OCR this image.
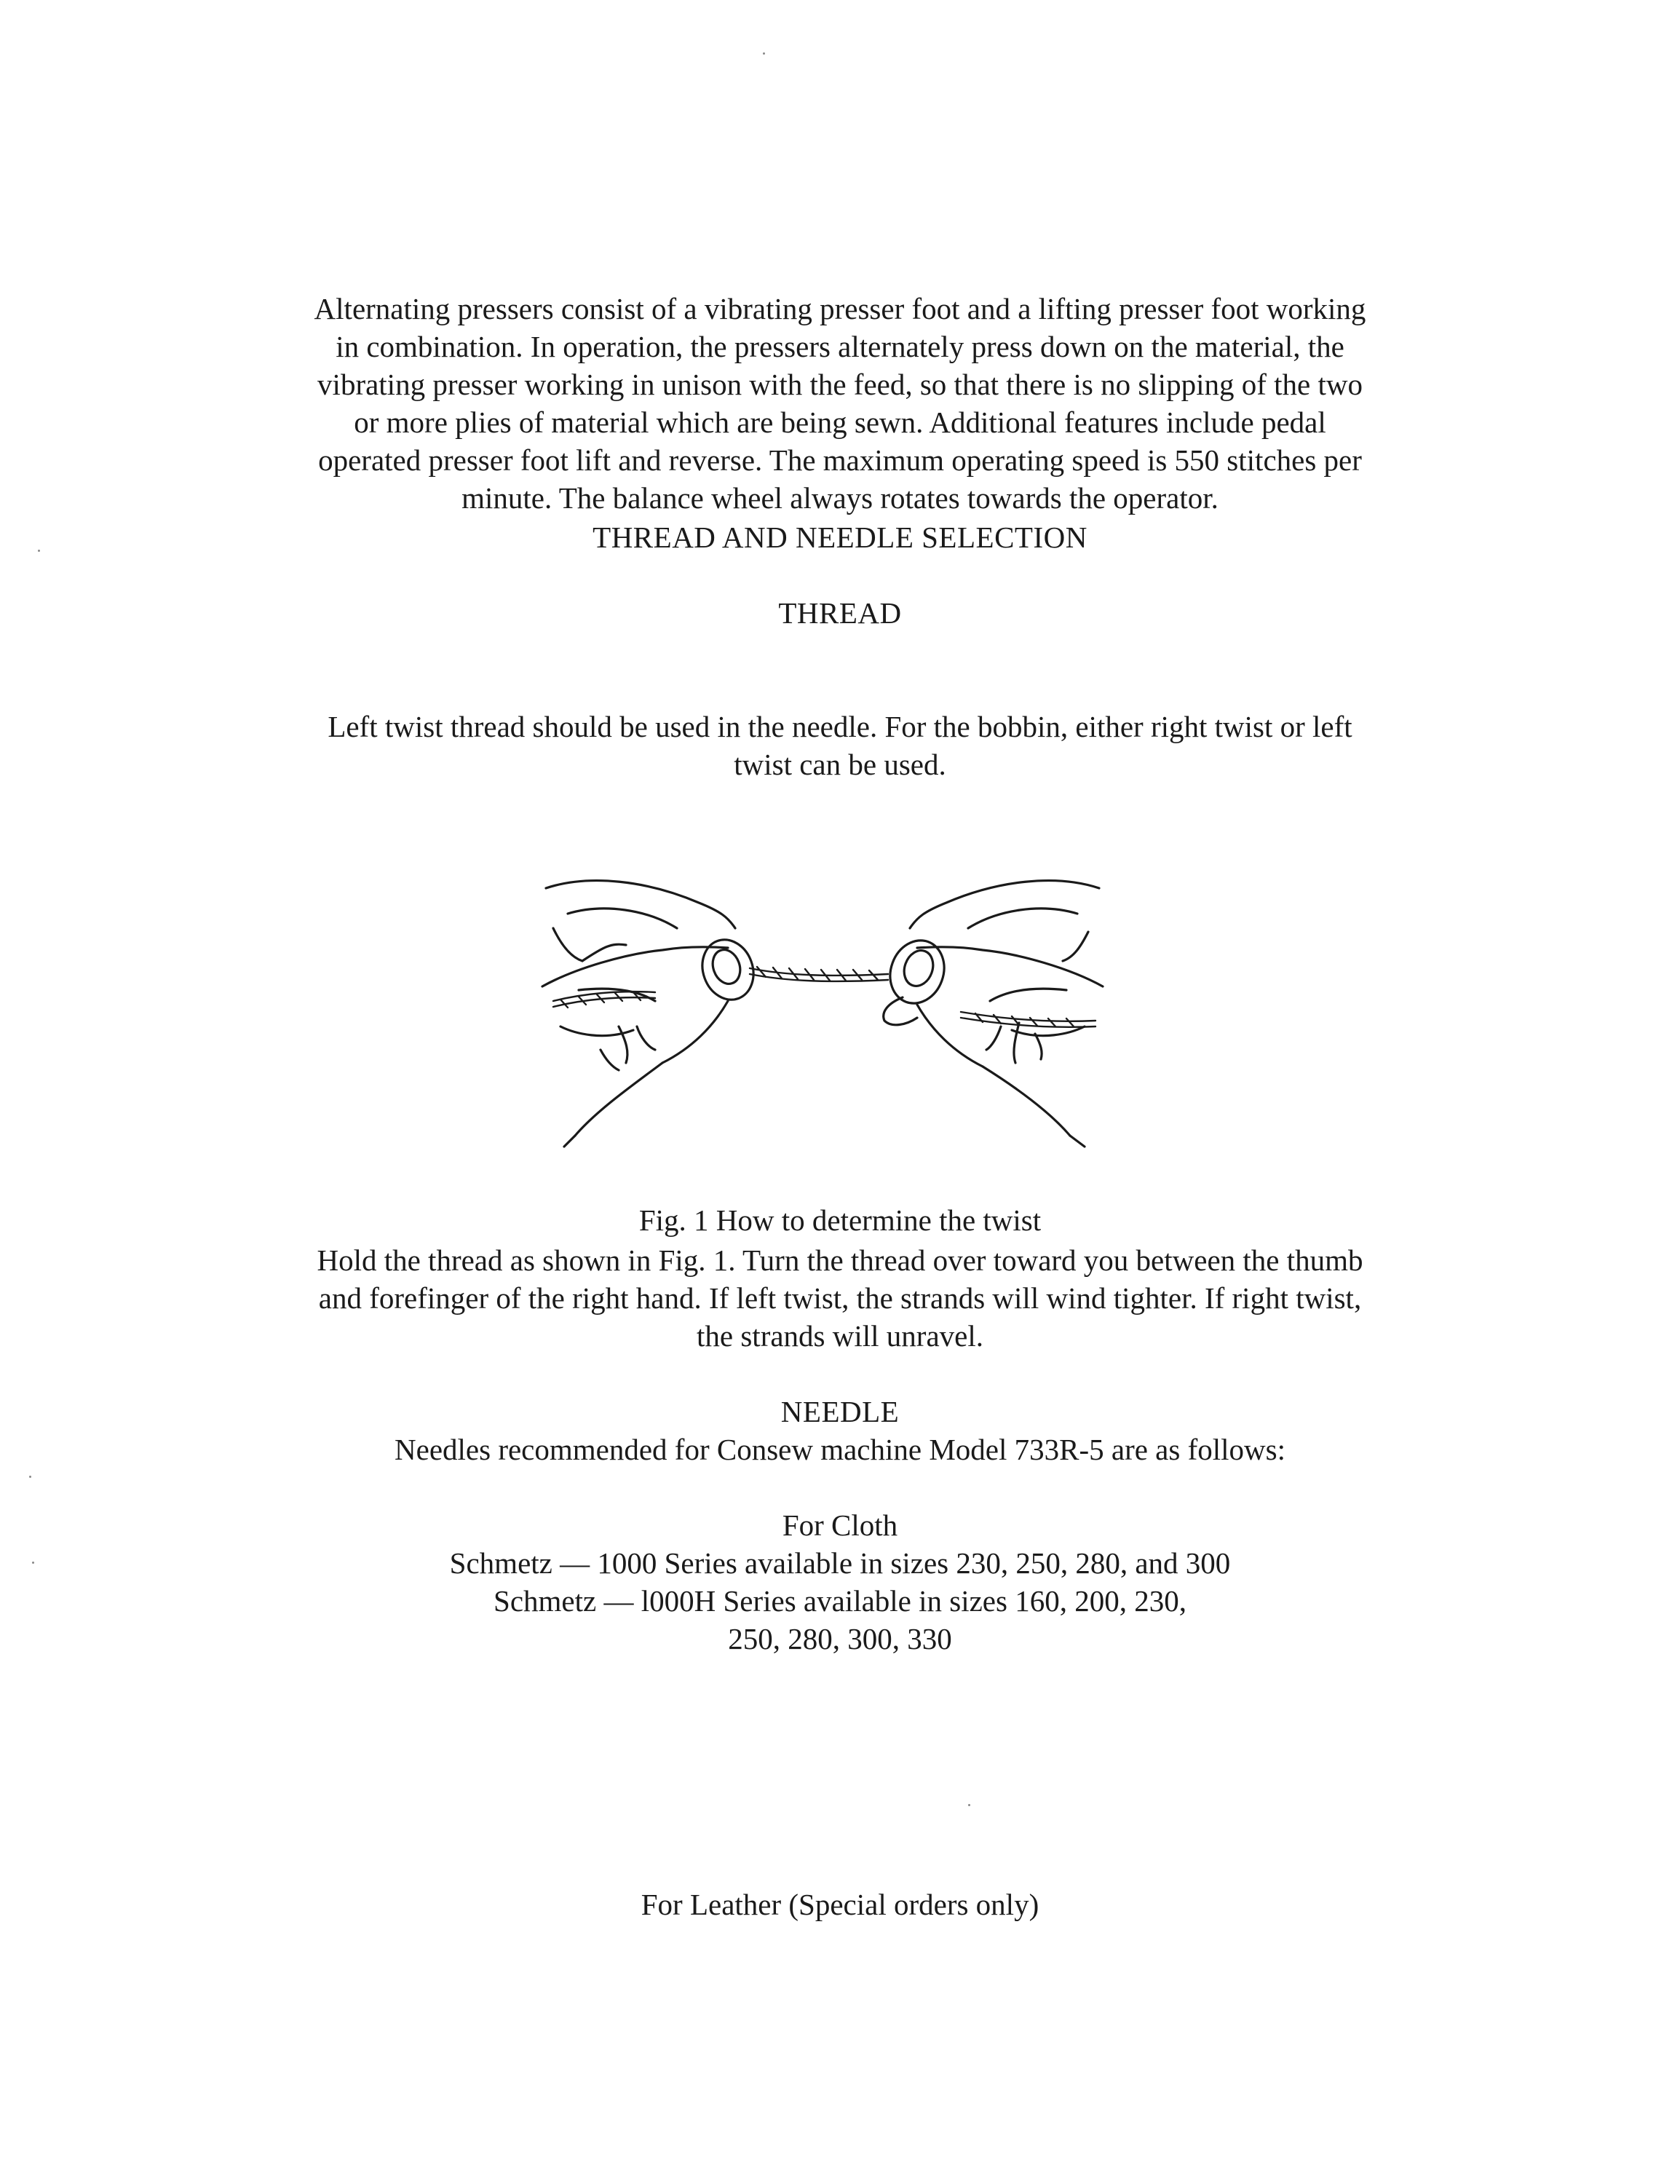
Alternating pressers consist of a vibrating presser foot and a lifting presser foot working
in combination. In operation, the pressers alternately press down on the material, the
vibrating presser working in unison with the feed, so that there is no slipping of the two
or more plies of material which are being sewn. Additional features include pedal
operated presser foot lift and reverse. The maximum operating speed is 550 stitches per
minute. The balance wheel always rotates towards the operator.
THREAD AND NEEDLE SELECTION
THREAD
Left twist thread should be used in the needle. For the bobbin, either right twist or left
twist can be used.
Fig. 1 How to determine the twist
Hold the thread as shown in Fig. 1. Turn the thread over toward you between the thumb
and forefinger of the right hand. If left twist, the strands will wind tighter. If right twist,
the strands will unravel.
NEEDLE
Needles recommended for Consew machine Model 733R-5 are as follows:
For Cloth
Schmetz — 1000 Series available in sizes 230, 250, 280, and 300
Schmetz — l000H Series available in sizes 160, 200, 230,
250, 280, 300, 330
For Leather (Special orders only)
